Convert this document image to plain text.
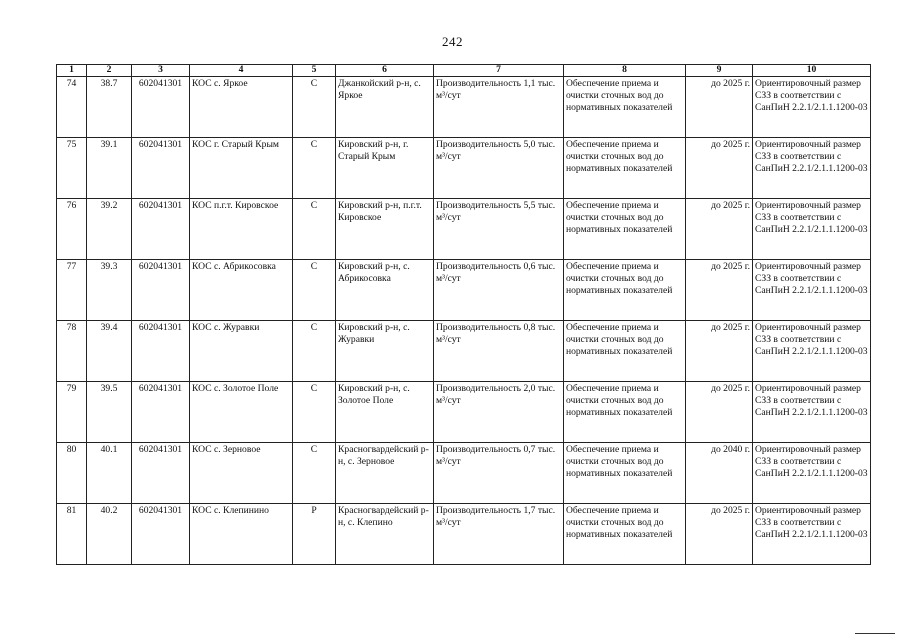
242
1	2	3	4	5	6	7	8	9	10
74	38.7	602041301	КОС с. Яркое	С	Джанкойский р-н, с. Яркое	Производительность 1,1 тыс. м³/сут	Обеспечение приема и очистки сточных вод до нормативных показателей	до 2025 г.	Ориентировочный размер СЗЗ в соответствии с СанПиН 2.2.1/2.1.1.1200-03
75	39.1	602041301	КОС г. Старый Крым	С	Кировский р-н, г. Старый Крым	Производительность 5,0 тыс. м³/сут	Обеспечение приема и очистки сточных вод до нормативных показателей	до 2025 г.	Ориентировочный размер СЗЗ в соответствии с СанПиН 2.2.1/2.1.1.1200-03
76	39.2	602041301	КОС п.г.т. Кировское	С	Кировский р-н, п.г.т. Кировское	Производительность 5,5 тыс. м³/сут	Обеспечение приема и очистки сточных вод до нормативных показателей	до 2025 г.	Ориентировочный размер СЗЗ в соответствии с СанПиН 2.2.1/2.1.1.1200-03
77	39.3	602041301	КОС с. Абрикосовка	С	Кировский р-н, с. Абрикосовка	Производительность 0,6 тыс. м³/сут	Обеспечение приема и очистки сточных вод до нормативных показателей	до 2025 г.	Ориентировочный размер СЗЗ в соответствии с СанПиН 2.2.1/2.1.1.1200-03
78	39.4	602041301	КОС с. Журавки	С	Кировский р-н, с. Журавки	Производительность 0,8 тыс. м³/сут	Обеспечение приема и очистки сточных вод до нормативных показателей	до 2025 г.	Ориентировочный размер СЗЗ в соответствии с СанПиН 2.2.1/2.1.1.1200-03
79	39.5	602041301	КОС с. Золотое Поле	С	Кировский р-н, с. Золотое Поле	Производительность 2,0 тыс. м³/сут	Обеспечение приема и очистки сточных вод до нормативных показателей	до 2025 г.	Ориентировочный размер СЗЗ в соответствии с СанПиН 2.2.1/2.1.1.1200-03
80	40.1	602041301	КОС с. Зерновое	С	Красногвардейский р-н, с. Зерновое	Производительность 0,7 тыс. м³/сут	Обеспечение приема и очистки сточных вод до нормативных показателей	до 2040 г.	Ориентировочный размер СЗЗ в соответствии с СанПиН 2.2.1/2.1.1.1200-03
81	40.2	602041301	КОС с. Клепинино	Р	Красногвардейский р-н, с. Клепино	Производительность 1,7 тыс. м³/сут	Обеспечение приема и очистки сточных вод до нормативных показателей	до 2025 г.	Ориентировочный размер СЗЗ в соответствии с СанПиН 2.2.1/2.1.1.1200-03
